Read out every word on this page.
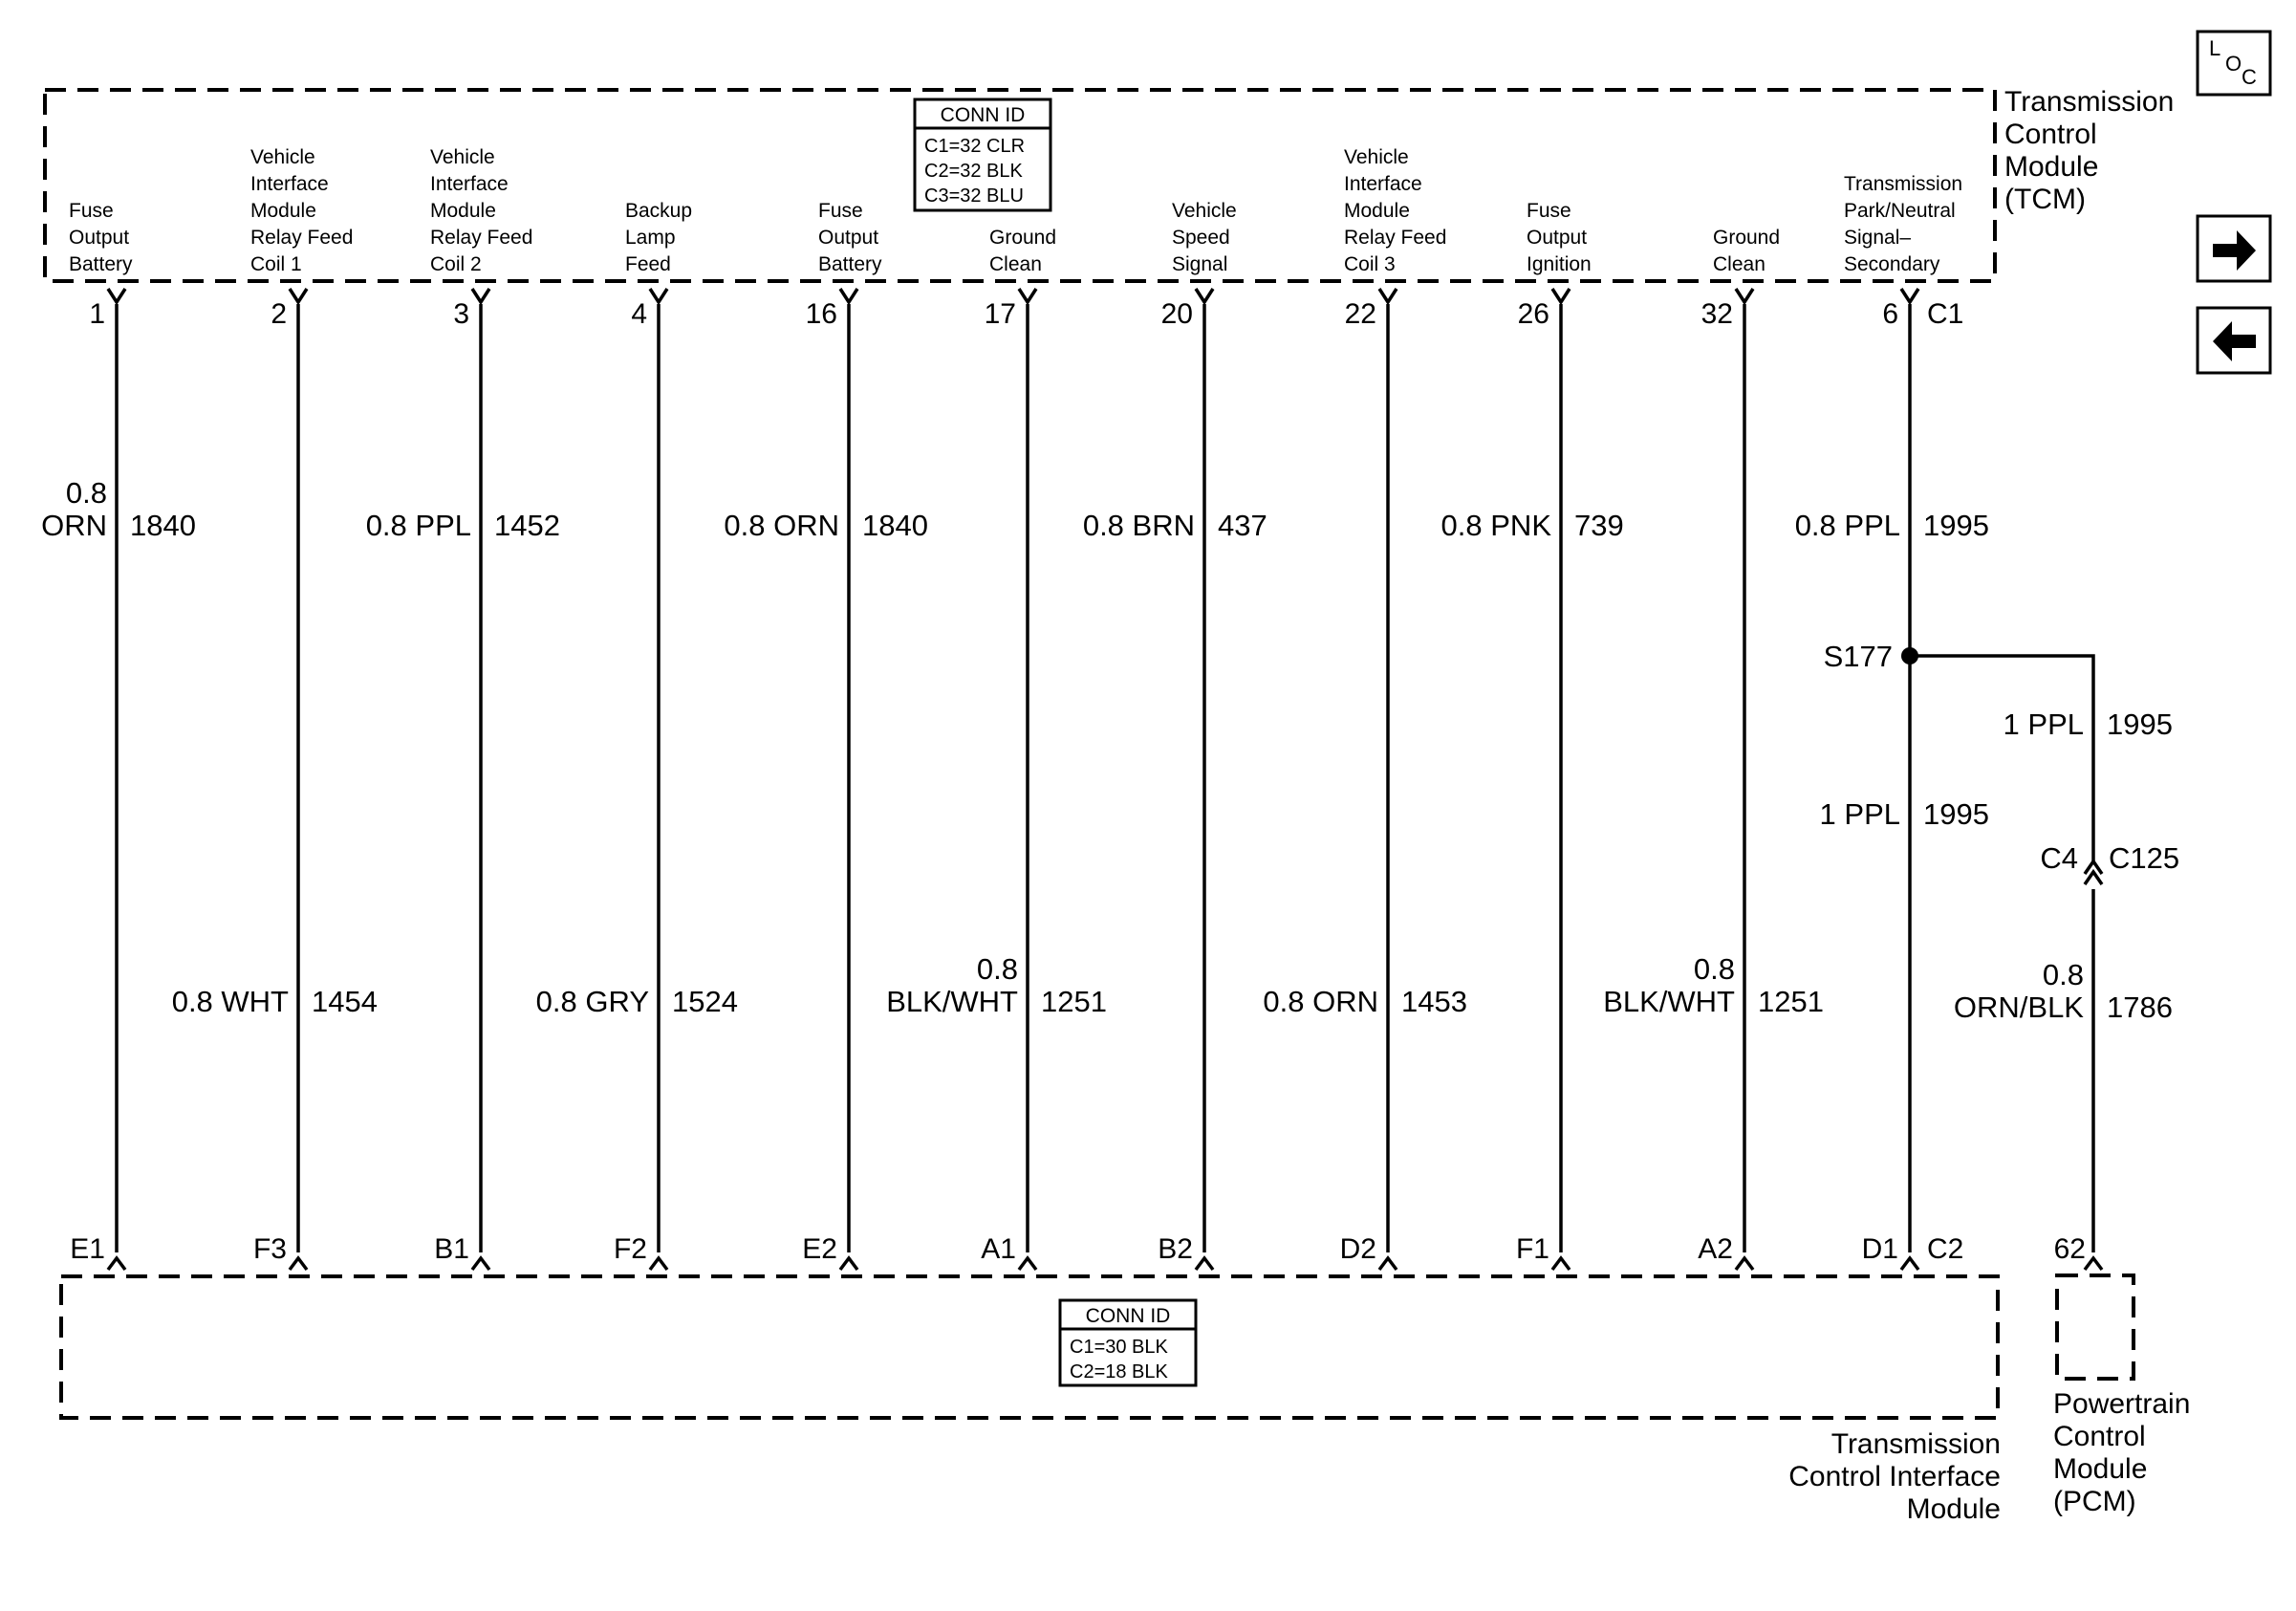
Transmission
Control
Module
(TCM)
CONN ID
C1=32 CLR
C2=32 BLK
C3=32 BLU
C1
C2
Transmission
Control Interface
Module
CONN ID
C1=30 BLK
C2=18 BLK
Powertrain
Control
Module
(PCM)
62
1
E1
Fuse
Output
Battery
0.8
ORN 1840
2
F3
Vehicle
Interface
Module
Relay Feed
Coil 1
0.8 WHT 1454
3
B1
Vehicle
Interface
Module
Relay Feed
Coil 2
0.8 PPL 1452
4
F2
Backup
Lamp
Feed
0.8 GRY 1524
16
E2
Fuse
Output
Battery
0.8 ORN 1840
17
A1
Ground
Clean
0.8
BLK/WHT 1251
20
B2
Vehicle
Speed
Signal
0.8 BRN 437
22
D2
Vehicle
Interface
Module
Relay Feed
Coil 3
0.8 ORN 1453
26
F1
Fuse
Output
Ignition
0.8 PNK 739
32
A2
Ground
Clean
0.8
BLK/WHT 1251
6
D1
Transmission
Park/Neutral
Signal–
Secondary
0.8 PPL 1995
1 PPL 1995
S177
1 PPL 1995
C4 C125
0.8
ORN/BLK 1786
L
O
C
